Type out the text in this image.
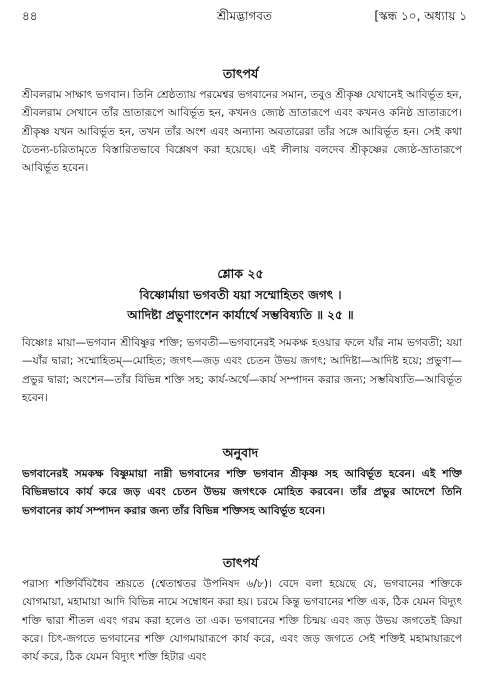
৪৪	শ্রীমদ্ভাগবত	[স্কন্ধ ১০, অধ্যায় ১
তাৎপর্য
শ্রীবলরাম সাক্ষাৎ ভগবান। তিনি শ্রেষ্ঠত্যায় পরমেশ্বর ভগবানের সমান, তবুও শ্রীকৃষ্ণ যেখানেই আবির্ভূত হন, শ্রীবলরাম সেখানে তাঁর ভ্রাতারূপে আবির্ভূত হন, কখনও জ্যেষ্ঠ ভ্রাতারূপে এবং কখনও কনিষ্ঠ ভ্রাতারূপে। শ্রীকৃষ্ণ যখন আবির্ভূত হন, তখন তাঁর অংশ এবং অন্যান্য অবতারেরা তাঁর সঙ্গে আবির্ভূত হন। সেই কথা চৈতন্য-চরিতামৃতে বিস্তারিতভাবে বিশ্লেষণ করা হয়েছে। এই লীলায় বলদেব শ্রীকৃষ্ণের জ্যেষ্ঠ-ভ্রাতারূপে আবির্ভূত হবেন।
শ্লোক ২৫
বিষ্ণোর্মায়া ভগবতী যয়া সম্মোহিতং জগৎ ।
আদিষ্টা প্রভুণাংশেন কার্যার্থে সম্ভবিষ্যতি ॥ ২৫ ॥
বিষ্ণোঃ মায়া—ভগবান শ্রীবিষ্ণুর শক্তি; ভগবতী—ভগবানেরই সমকক্ষ হওয়ার ফলে যাঁর নাম ভগবতী; যয়া—যাঁর দ্বারা; সম্মোহিতম্—মোহিত; জগৎ—জড় এবং চেতন উভয় জগৎ; আদিষ্টা—আদিষ্ট হয়ে; প্রভুণা—প্রভুর দ্বারা; অংশেন—তাঁর বিভিন্ন শক্তি সহ; কার্য-অর্থে—কার্য সম্পাদন করার জন্য; সম্ভবিষ্যতি—আবির্ভূত হবেন।
অনুবাদ
ভগবানেরই সমকক্ষ বিষ্ণুমায়া নাম্নী ভগবানের শক্তি ভগবান শ্রীকৃষ্ণ সহ আবির্ভূত হবেন। এই শক্তি বিভিন্নভাবে কার্য করে জড় এবং চেতন উভয় জগৎকে মোহিত করবেন। তাঁর প্রভুর আদেশে তিনি ভগবানের কার্য সম্পাদন করার জন্য তাঁর বিভিন্ন শক্তিসহ আবির্ভূত হবেন।
তাৎপর্য
পরাস্য শক্তির্বিবিধৈব শ্রূয়তে (শ্বেতাশ্বতর উপনিষদ ৬/৮)। বেদে বলা হয়েছে যে, ভগবানের শক্তিকে যোগমায়া, মহামায়া আদি বিভিন্ন নামে সম্বোধন করা হয়। চরমে কিন্তু ভগবানের শক্তি এক, ঠিক যেমন বিদ্যুৎ শক্তি দ্বারা শীতল এবং গরম করা হলেও তা এক। ভগবানের শক্তি চিন্ময় এবং জড় উভয় জগতেই ক্রিয়া করে। চিৎ-জগতে ভগবানের শক্তি যোগমায়ারূপে কার্য করে, এবং জড় জগতে সেই শক্তিই মহামায়ারূপে কার্য করে, ঠিক যেমন বিদ্যুৎ শক্তি হিটার এবং
